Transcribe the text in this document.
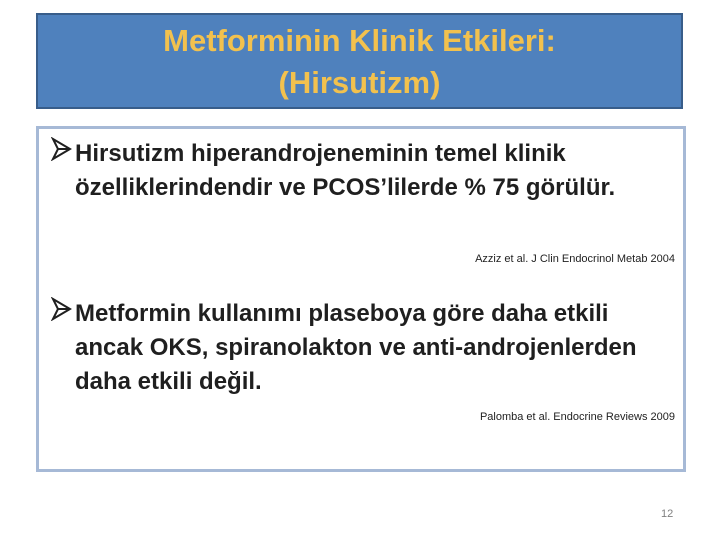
Metforminin Klinik Etkileri:
(Hirsutizm)
Hirsutizm hiperandrojeneminin temel klinik özelliklerindendir ve PCOS’lilerde % 75 görülür.
Azziz et al. J Clin Endocrinol Metab 2004
Metformin kullanımı plaseboya göre daha etkili ancak OKS, spiranolakton ve anti-androjenlerden daha etkili değil.
Palomba et al. Endocrine Reviews 2009
12
